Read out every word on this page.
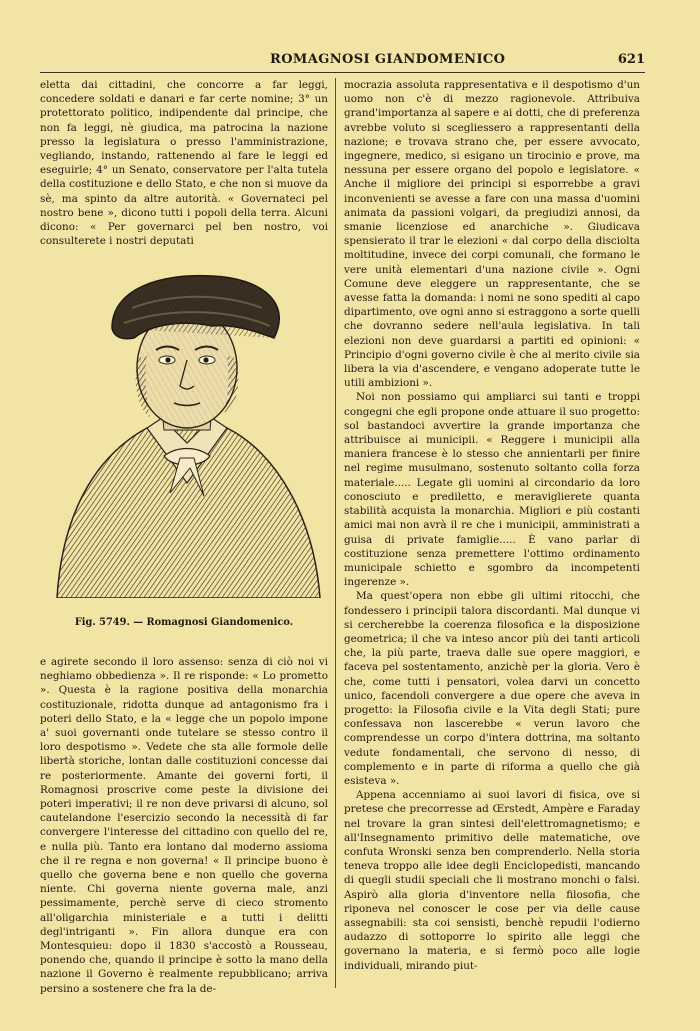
ROMAGNOSI GIANDOMENICO	621

eletta dai cittadini, che concorre a far leggi, concedere soldati e danari e far certe nomine; 3° un protettorato politico, indipendente dal principe, che non fa leggi, nè giudica, ma patrocina la nazione presso la legislatura o presso l'amministrazione, vegliando, instando, rattenendo al fare le leggi ed eseguirle; 4° un Senato, conservatore per l'alta tutela della costituzione e dello Stato, e che non si muove da sè, ma spinto da altre autorità. « Governateci pel nostro bene », dicono tutti i popoli della terra. Alcuni dicono: « Per governarci pel ben nostro, voi consulterete i nostri deputati

Fig. 5749. — Romagnosi Giandomenico.

e agirete secondo il loro assenso: senza di ciò noi vi neghiamo obbedienza ». Il re risponde: « Lo prometto ». Questa è la ragione positiva della monarchia costituzionale, ridotta dunque ad antagonismo fra i poteri dello Stato, e la « legge che un popolo impone a' suoi governanti onde tutelare se stesso contro il loro despotismo ». Vedete che sta alle formole delle libertà storiche, lontan dalle costituzioni concesse dai re posteriormente. Amante dei governi forti, il Romagnosi proscrive come peste la divisione dei poteri imperativi; il re non deve privarsi di alcuno, sol cautelandone l'esercizio secondo la necessità di far convergere l'interesse del cittadino con quello del re, e nulla più. Tanto era lontano dal moderno assioma che il re regna e non governa! « Il principe buono è quello che governa bene e non quello che governa niente. Chi governa niente governa male, anzi pessimamente, perchè serve di cieco stromento all'oligarchia ministeriale e a tutti i delitti degl'intriganti ». Fin allora dunque era con Montesquieu: dopo il 1830 s'accostò a Rousseau, ponendo che, quando il principe è sotto la mano della nazione il Governo è realmente repubblicano; arriva persino a sostenere che fra la de-

mocrazia assoluta rappresentativa e il despotismo d'un uomo non c'è di mezzo ragionevole. Attribuiva grand'importanza al sapere e ai dotti, che di preferenza avrebbe voluto si scegliessero a rappresentanti della nazione; e trovava strano che, per essere avvocato, ingegnere, medico, si esigano un tirocinio e prove, ma nessuna per essere organo del popolo e legislatore. « Anche il migliore dei principi si esporrebbe a gravi inconvenienti se avesse a fare con una massa d'uomini animata da passioni volgari, da pregiudizi annosi, da smanie licenziose ed anarchiche ». Giudicava spensierato il trar le elezioni « dal corpo della disciolta moltitudine, invece dei corpi comunali, che formano le vere unità elementari d'una nazione civile ». Ogni Comune deve eleggere un rappresentante, che se avesse fatta la domanda: i nomi ne sono spediti al capo dipartimento, ove ogni anno si estraggono a sorte quelli che dovranno sedere nell'aula legislativa. In tali elezioni non deve guardarsi a partiti ed opinioni: « Principio d'ogni governo civile è che al merito civile sia libera la via d'ascendere, e vengano adoperate tutte le utili ambizioni ».

Noi non possiamo qui ampliarci sui tanti e troppi congegni che egli propone onde attuare il suo progetto: sol bastandoci avvertire la grande importanza che attribuisce ai municipii. « Reggere i municipii alla maniera francese è lo stesso che annientarli per finire nel regime musulmano, sostenuto soltanto colla forza materiale..... Legate gli uomini al circondario da loro conosciuto e prediletto, e meraviglierete quanta stabilità acquista la monarchia. Migliori e più costanti amici mai non avrà il re che i municipii, amministrati a guisa di private famiglie..... È vano parlar di costituzione senza premettere l'ottimo ordinamento municipale schietto e sgombro da incompetenti ingerenze ».

Ma quest'opera non ebbe gli ultimi ritocchi, che fondessero i principii talora discordanti. Mal dunque vi si cercherebbe la coerenza filosofica e la disposizione geometrica; il che va inteso ancor più dei tanti articoli che, la più parte, traeva dalle sue opere maggiori, e faceva pel sostentamento, anzichè per la gloria. Vero è che, come tutti i pensatori, volea darvi un concetto unico, facendoli convergere a due opere che aveva in progetto: la Filosofia civile e la Vita degli Stati; pure confessava non lascerebbe « verun lavoro che comprendesse un corpo d'intera dottrina, ma soltanto vedute fondamentali, che servono di nesso, di complemento e in parte di riforma a quello che già esisteva ».

Appena accenniamo ai suoi lavori di fisica, ove si pretese che precorresse ad Œrstedt, Ampère e Faraday nel trovare la gran sintesi dell'elettromagnetismo; e all'Insegnamento primitivo delle matematiche, ove confuta Wronski senza ben comprenderlo. Nella storia teneva troppo alle idee degli Enciclopedisti, mancando di quegli studii speciali che li mostrano monchi o falsi. Aspirò alla gloria d'inventore nella filosofia, che riponeva nel conoscer le cose per via delle cause assegnabili: sta coi sensisti, benchè repudii l'odierno audazzo di sottoporre lo spirito alle leggi che governano la materia, e si fermò poco alle logie individuali, mirando piut-
